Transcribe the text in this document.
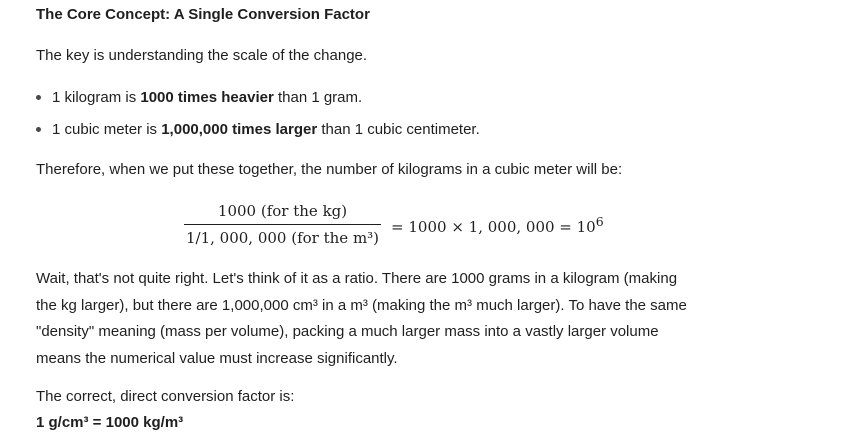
The Core Concept: A Single Conversion Factor
The key is understanding the scale of the change.
1 kilogram is 1000 times heavier than 1 gram.
1 cubic meter is 1,000,000 times larger than 1 cubic centimeter.
Therefore, when we put these together, the number of kilograms in a cubic meter will be:
$\frac{\text{1000 (for the kg)}}{\text{1/1, 000, 000 (for the m³)}} = 1000 \times 1$, 000, $000 = 10^6$
Wait, that's not quite right. Let's think of it as a ratio. There are 1000 grams in a kilogram (making
the kg larger), but there are 1,000,000 cm³ in a m³ (making the m³ much larger). To have the same
"density" meaning (mass per volume), packing a much larger mass into a vastly larger volume
means the numerical value must increase significantly.
The correct, direct conversion factor is:
1 g/cm³ = 1000 kg/m³
